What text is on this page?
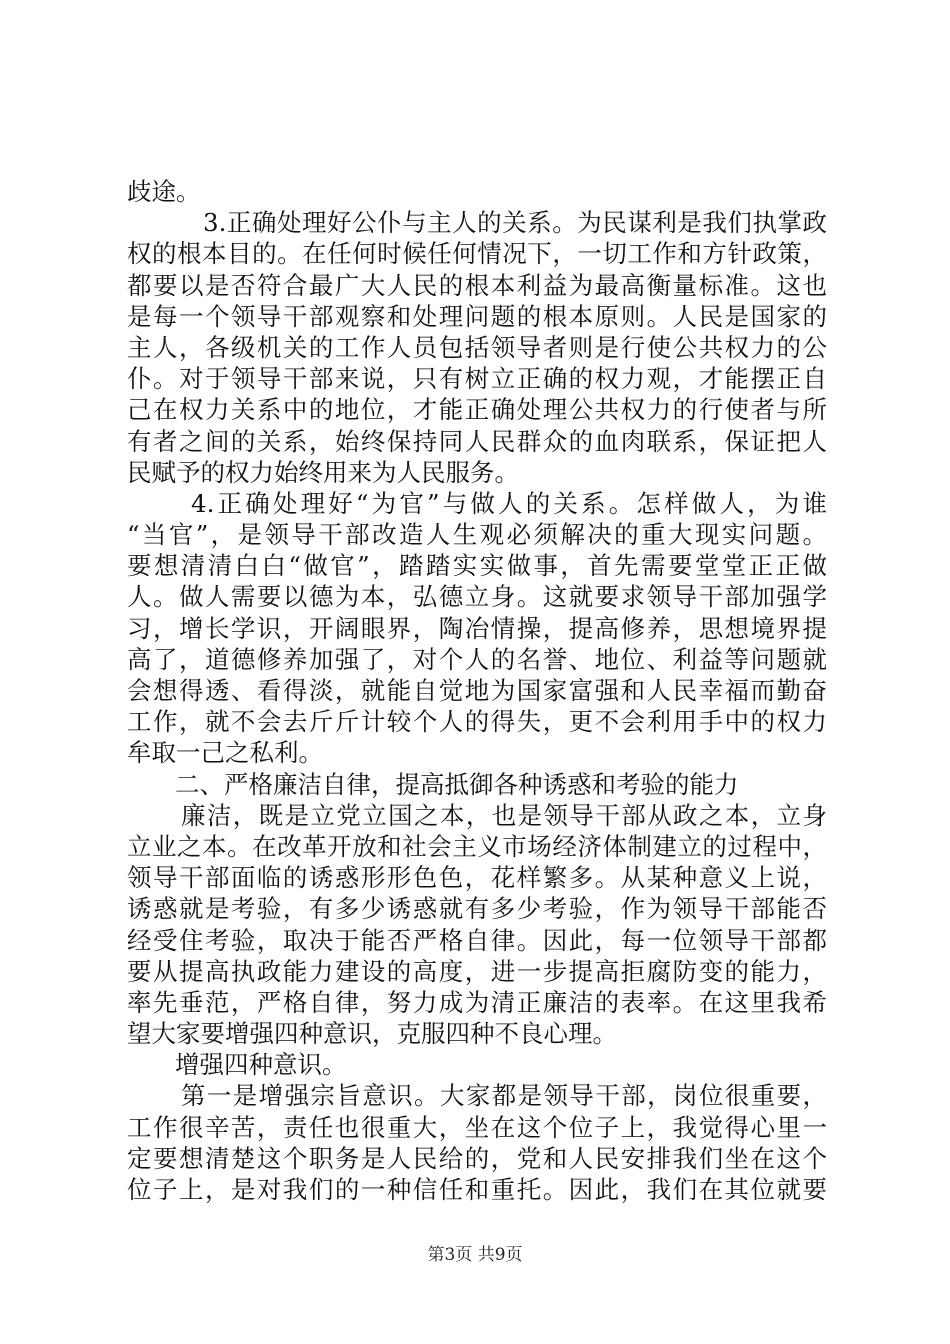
歧途。
3.正确处理好公仆与主人的关系。为民谋利是我们执掌政
权的根本目的。在任何时候任何情况下，一切工作和方针政策，
都要以是否符合最广大人民的根本利益为最高衡量标准。这也
是每一个领导干部观察和处理问题的根本原则。人民是国家的
主人，各级机关的工作人员包括领导者则是行使公共权力的公
仆。对于领导干部来说，只有树立正确的权力观，才能摆正自
己在权力关系中的地位，才能正确处理公共权力的行使者与所
有者之间的关系，始终保持同人民群众的血肉联系，保证把人
民赋予的权力始终用来为人民服务。
4.正确处理好“为官”与做人的关系。怎样做人，为谁
“当官”，是领导干部改造人生观必须解决的重大现实问题。
要想清清白白“做官”，踏踏实实做事，首先需要堂堂正正做
人。做人需要以德为本，弘德立身。这就要求领导干部加强学
习，增长学识，开阔眼界，陶冶情操，提高修养，思想境界提
高了，道德修养加强了，对个人的名誉、地位、利益等问题就
会想得透、看得淡，就能自觉地为国家富强和人民幸福而勤奋
工作，就不会去斤斤计较个人的得失，更不会利用手中的权力
牟取一己之私利。
二、严格廉洁自律，提高抵御各种诱惑和考验的能力
廉洁，既是立党立国之本，也是领导干部从政之本，立身
立业之本。在改革开放和社会主义市场经济体制建立的过程中，
领导干部面临的诱惑形形色色，花样繁多。从某种意义上说，
诱惑就是考验，有多少诱惑就有多少考验，作为领导干部能否
经受住考验，取决于能否严格自律。因此，每一位领导干部都
要从提高执政能力建设的高度，进一步提高拒腐防变的能力，
率先垂范，严格自律，努力成为清正廉洁的表率。在这里我希
望大家要增强四种意识，克服四种不良心理。
增强四种意识。
第一是增强宗旨意识。大家都是领导干部，岗位很重要，
工作很辛苦，责任也很重大，坐在这个位子上，我觉得心里一
定要想清楚这个职务是人民给的，党和人民安排我们坐在这个
位子上，是对我们的一种信任和重托。因此，我们在其位就要
第3页 共9页
